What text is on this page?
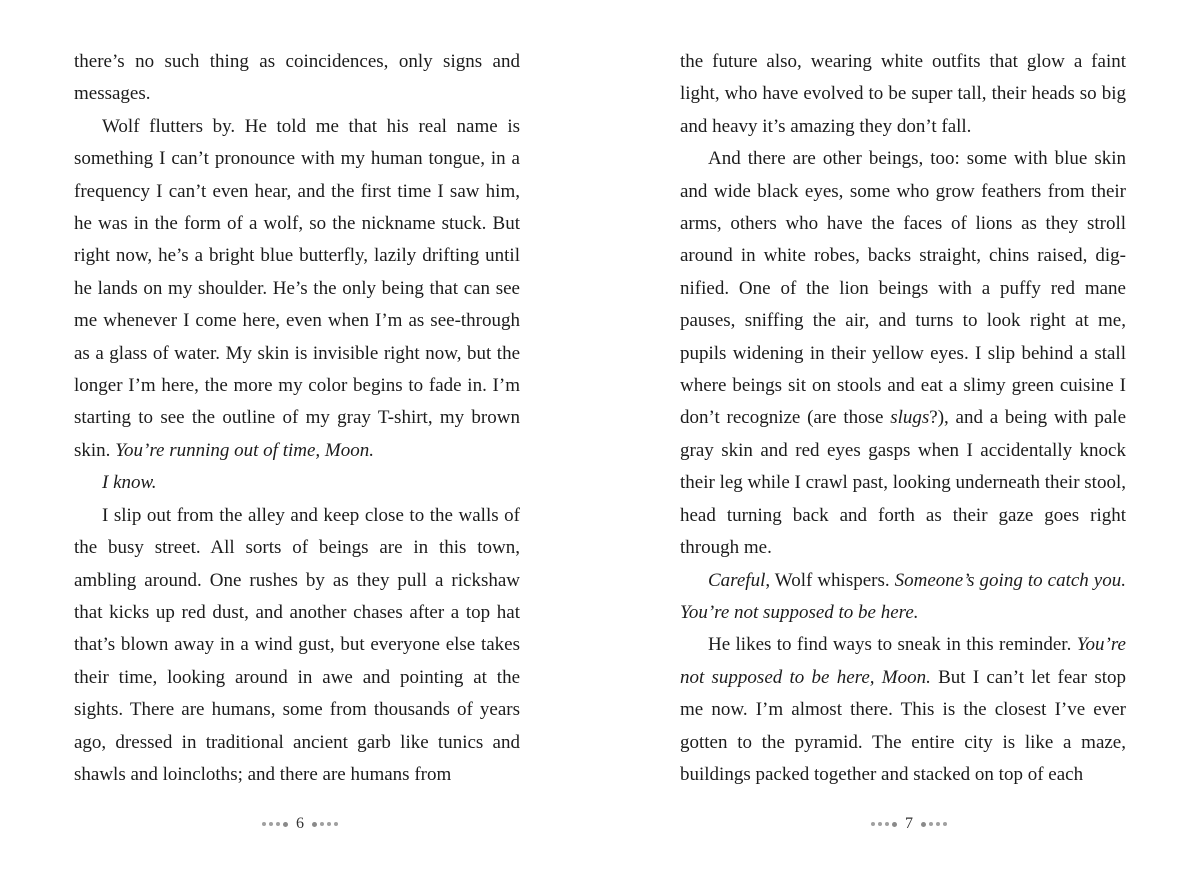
there’s no such thing as coincidences, only signs and messages.

Wolf flutters by. He told me that his real name is something I can’t pronounce with my human tongue, in a frequency I can’t even hear, and the first time I saw him, he was in the form of a wolf, so the nickname stuck. But right now, he’s a bright blue butterfly, lazily drifting until he lands on my shoulder. He’s the only being that can see me whenever I come here, even when I’m as see-through as a glass of water. My skin is invisible right now, but the longer I’m here, the more my color begins to fade in. I’m starting to see the outline of my gray T-shirt, my brown skin. You’re running out of time, Moon.

I know.

I slip out from the alley and keep close to the walls of the busy street. All sorts of beings are in this town, ambling around. One rushes by as they pull a rickshaw that kicks up red dust, and another chases after a top hat that’s blown away in a wind gust, but everyone else takes their time, looking around in awe and pointing at the sights. There are humans, some from thousands of years ago, dressed in traditional ancient garb like tunics and shawls and loincloths; and there are humans from

the future also, wearing white outfits that glow a faint light, who have evolved to be super tall, their heads so big and heavy it’s amazing they don’t fall.

And there are other beings, too: some with blue skin and wide black eyes, some who grow feathers from their arms, others who have the faces of lions as they stroll around in white robes, backs straight, chins raised, dignified. One of the lion beings with a puffy red mane pauses, sniffing the air, and turns to look right at me, pupils widening in their yellow eyes. I slip behind a stall where beings sit on stools and eat a slimy green cuisine I don’t recognize (are those slugs?), and a being with pale gray skin and red eyes gasps when I accidentally knock their leg while I crawl past, looking underneath their stool, head turning back and forth as their gaze goes right through me.

Careful, Wolf whispers. Someone’s going to catch you. You’re not supposed to be here.

He likes to find ways to sneak in this reminder. You’re not supposed to be here, Moon. But I can’t let fear stop me now. I’m almost there. This is the closest I’ve ever gotten to the pyramid. The entire city is like a maze, buildings packed together and stacked on top of each

6	7
